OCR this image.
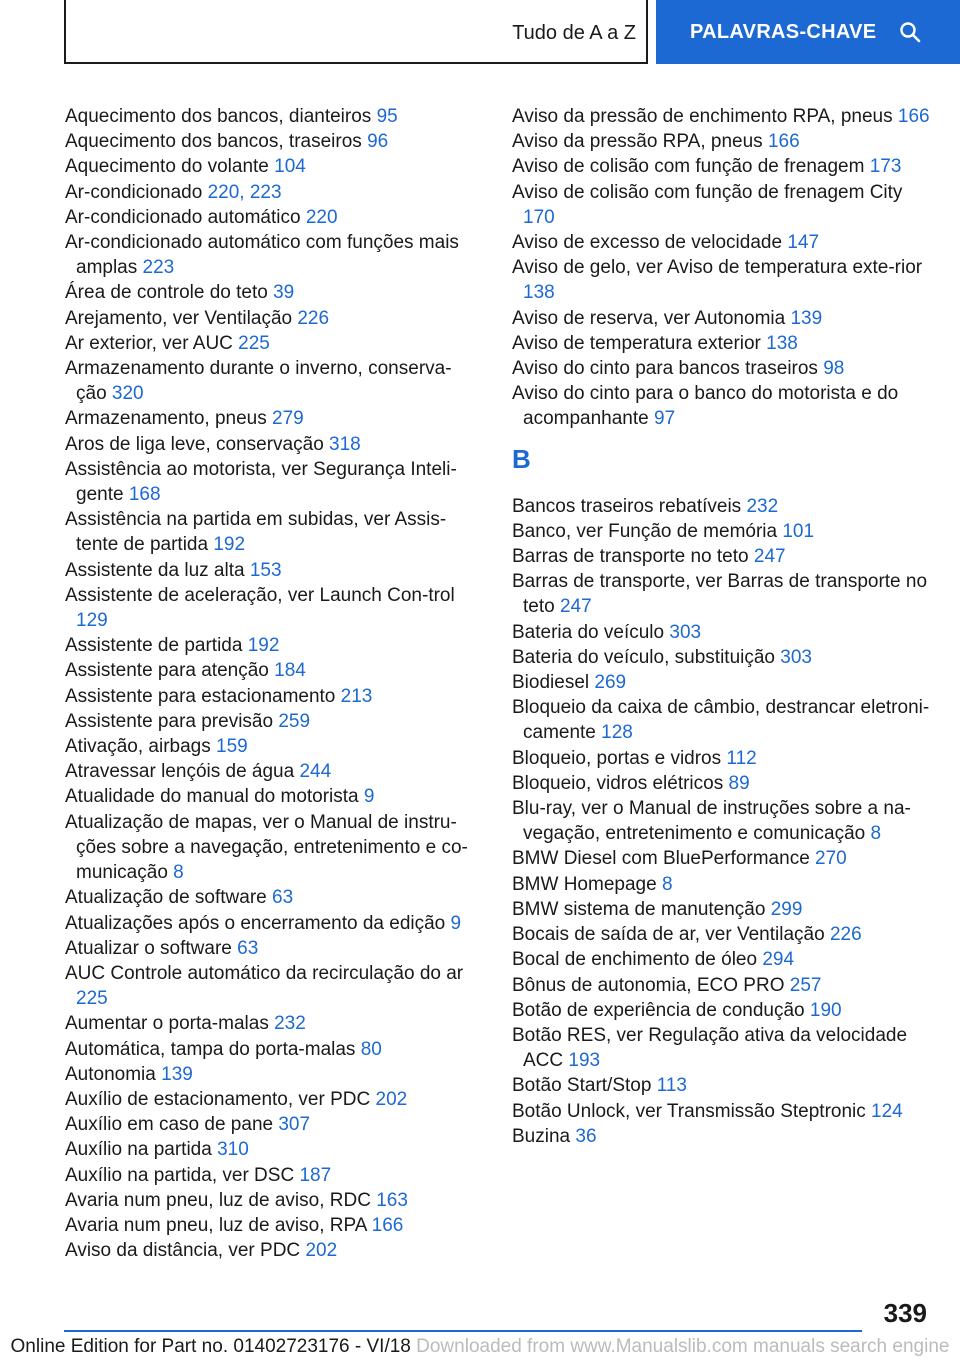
Tudo de A a Z	PALAVRAS-CHAVE
Aquecimento dos bancos, dianteiros 95
Aquecimento dos bancos, traseiros 96
Aquecimento do volante 104
Ar-condicionado 220, 223
Ar-condicionado automático 220
Ar-condicionado automático com funções mais amplas 223
Área de controle do teto 39
Arejamento, ver Ventilação 226
Ar exterior, ver AUC 225
Armazenamento durante o inverno, conserva-ção 320
Armazenamento, pneus 279
Aros de liga leve, conservação 318
Assistência ao motorista, ver Segurança Inteli-gente 168
Assistência na partida em subidas, ver Assis-tente de partida 192
Assistente da luz alta 153
Assistente de aceleração, ver Launch Con-trol 129
Assistente de partida 192
Assistente para atenção 184
Assistente para estacionamento 213
Assistente para previsão 259
Ativação, airbags 159
Atravessar lençóis de água 244
Atualidade do manual do motorista 9
Atualização de mapas, ver o Manual de instru-ções sobre a navegação, entretenimento e co-municação 8
Atualização de software 63
Atualizações após o encerramento da edição 9
Atualizar o software 63
AUC Controle automático da recirculação do ar 225
Aumentar o porta-malas 232
Automática, tampa do porta-malas 80
Autonomia 139
Auxílio de estacionamento, ver PDC 202
Auxílio em caso de pane 307
Auxílio na partida 310
Auxílio na partida, ver DSC 187
Avaria num pneu, luz de aviso, RDC 163
Avaria num pneu, luz de aviso, RPA 166
Aviso da distância, ver PDC 202
Aviso da pressão de enchimento RPA, pneus 166
Aviso da pressão RPA, pneus 166
Aviso de colisão com função de frenagem 173
Aviso de colisão com função de frenagem City 170
Aviso de excesso de velocidade 147
Aviso de gelo, ver Aviso de temperatura exte-rior 138
Aviso de reserva, ver Autonomia 139
Aviso de temperatura exterior 138
Aviso do cinto para bancos traseiros 98
Aviso do cinto para o banco do motorista e do acompanhante 97
B
Bancos traseiros rebatíveis 232
Banco, ver Função de memória 101
Barras de transporte no teto 247
Barras de transporte, ver Barras de transporte no teto 247
Bateria do veículo 303
Bateria do veículo, substituição 303
Biodiesel 269
Bloqueio da caixa de câmbio, destrancar eletroni-camente 128
Bloqueio, portas e vidros 112
Bloqueio, vidros elétricos 89
Blu-ray, ver o Manual de instruções sobre a na-vegação, entretenimento e comunicação 8
BMW Diesel com BluePerformance 270
BMW Homepage 8
BMW sistema de manutenção 299
Bocais de saída de ar, ver Ventilação 226
Bocal de enchimento de óleo 294
Bônus de autonomia, ECO PRO 257
Botão de experiência de condução 190
Botão RES, ver Regulação ativa da velocidade ACC 193
Botão Start/Stop 113
Botão Unlock, ver Transmissão Steptronic 124
Buzina 36
339
Online Edition for Part no. 01402723176 - VI/18 Downloaded from www.Manualslib.com manuals search engine
